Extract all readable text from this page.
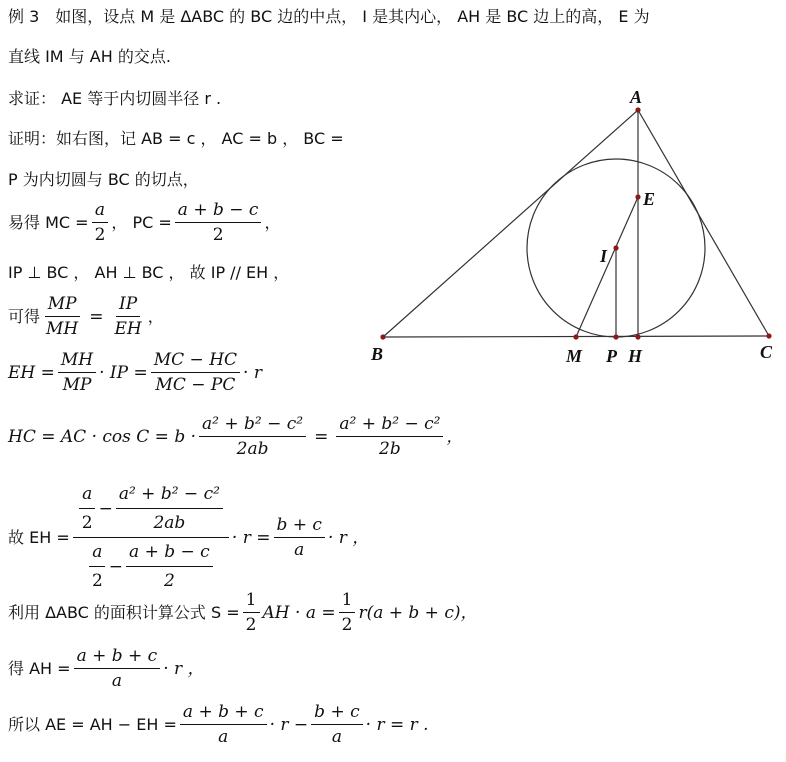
例 3　如图，设点 M 是 ΔABC 的 BC 边的中点， I 是其内心， AH 是 BC 边上的高， E 为
直线 IM 与 AH 的交点.
求证： AE 等于内切圆半径 r .
证明：如右图，记 AB = c ， AC = b ， BC =
P 为内切圆与 BC 的切点，
易得 MC = $\frac{a}{2}$ ， PC = $\frac{a + b - c}{2}$ ，
IP ⊥ BC ， AH ⊥ BC ， 故 IP // EH ，
可得 $\frac{MP}{MH} = \frac{IP}{EH}$ ，
EH = $\frac{MH}{MP}$ · IP = $\frac{MC - HC}{MC - PC} \cdot r$
HC = AC · $\cos C = b \cdot \frac{\text{a² + b² − c²}}{2ab} = \frac{\text{a² + b² − c²}}{2b}$ ，
故 EH =
$\frac{a}{2} - \frac{\text{a² + b² − c²}}{2ab}$
$\frac{a}{2} - \frac{a + b - c}{2}$
· $r = \frac{b + c}{a} \cdot r$ ，
利用 ΔABC 的面积计算公式 $S = \frac{1}{2}$ AH · $a = \frac{1}{2} r(a + b + c)$，
得 AH = $\frac{a + b + c}{a} \cdot r$ ，
所以 AE = AH − EH = $\frac{a + b + c}{a} \cdot r - \frac{b + c}{a} \cdot r = r$ .
A
E
I
B	M P H	C
